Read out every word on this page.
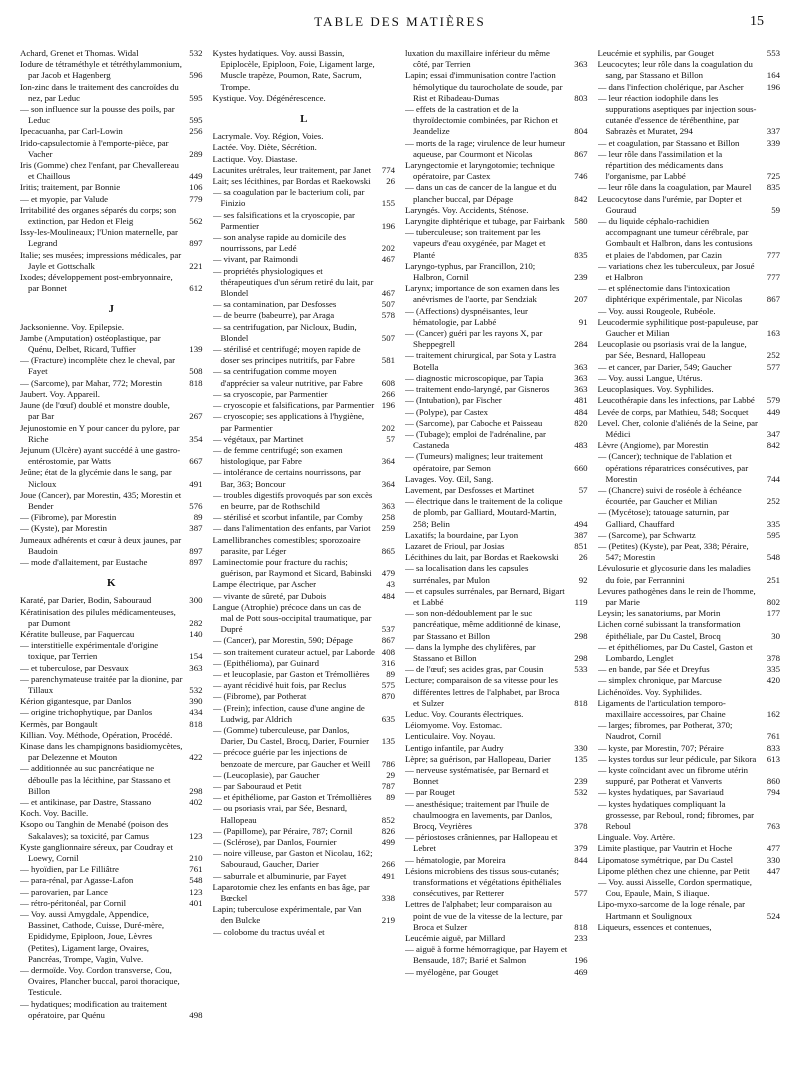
TABLE DES MATIÈRES	15
Achard, Grenet et Thomas. Widal	532
Iodure de tétraméthyle et tétréthylammonium, par Jacob et Hagenberg	596
Ion-zinc dans le traitement des cancroïdes du nez, par Leduc	595
— son influence sur la pousse des poils, par Leduc	595
Ipecacuanha, par Carl-Lowin	256
Irido-capsulectomie à l'emporte-pièce, par Vacher	289
Iris (Gomme) chez l'enfant, par Chevallereau et Chaillous	449
Iritis; traitement, par Bonnie	106
— et myopie, par Valude	779
Irritabilité des organes séparés du corps; son extinction, par Hedon et Fleig	562
Issy-les-Moulineaux; l'Union maternelle, par Legrand	897
Italie; ses musées; impressions médicales, par Jayle et Gottschalk	221
Ixodes; développement post-embryonnaire, par Bonnet	612
J
Jacksonienne. Voy. Epilepsie.
Jambe (Amputation) ostéoplastique, par Quénu, Delbet, Ricard, Tuffier	139
— (Fracture) incomplète chez le cheval, par Fayet	508
— (Sarcome), par Mahar, 772; Morestin	818
Jaubert. Voy. Appareil.
Jaune (de l'œuf) doublé et monstre double, par Bar	267
Jejunostomie en Y pour cancer du pylore, par Riche	354
Jejunum (Ulcère) ayant succédé à une gastro-entérostomie, par Watts	667
Jeûne; état de la glycémie dans le sang, par Nicloux	491
Joue (Cancer), par Morestin, 435; Morestin et Bender	576
— (Fibrome), par Morestin	89
— (Kyste), par Morestin	387
Jumeaux adhérents et cœur à deux jaunes, par Baudoin	897
— mode d'allaitement, par Eustache	897
K
Karaté, par Darier, Bodin, Sabouraud	300
Kératinisation des pilules médicamenteuses, par Dumont	282
Kératite bulleuse, par Faquercau	140
— interstitielle expérimentale d'origine toxique, par Terrien	154
— et tuberculose, par Desvaux	363
— parenchymateuse traitée par la dionine, par Tillaux	532
Kérion gigantesque, par Danlos	390
— origine trichophytique, par Danlos	434
Kermès, par Bongault	818
Killian. Voy. Méthode, Opération, Procédé.
Kinase dans les champignons basidiomycètes, par Delezenne et Mouton	422
— additionnée au suc pancréatique ne déboulle pas la lécithine, par Stassano et Billon	298
— et antikinase, par Dastre, Stassano	402
Koch. Voy. Bacille.
Ksopo ou Tanghin de Menabé (poison des Sakalaves); sa toxicité, par Camus	123
Kyste ganglionnaire séreux, par Coudray et Loewy, Cornil	210
— hyoïdien, par Le Filliâtre	761
— para-rénal, par Agasse-Lafon	548
— parovarien, par Lance	123
— rétro-péritonéal, par Cornil	401
— Voy. aussi Amygdale, Appendice, Bassinet, Cathode, Cuisse, Duré-mère, Epididyme, Epiploon, Joue, Lèvres (Petites), Ligament large, Ovaires, Pancréas, Trompe, Vagin, Vulve.
— dermoïde. Voy. Cordon transverse, Cou, Ovaires, Plancher buccal, paroi thoracique, Testicule.
— hydatiques; modification au traitement opératoire, par Quénu	498
Kystes hydatiques. Voy. aussi Bassin, Epiplocèle, Epiploon, Foie, Ligament large, Muscle trapèze, Poumon, Rate, Sacrum, Trompe.
Kystique. Voy. Dégénérescence.
L
Lacrymale. Voy. Région, Voies.
Lactée. Voy. Diète, Sécrétion.
Lactique. Voy. Diastase.
Lacunites urétrales, leur traitement, par Janet 774
Lait; ses lécithines, par Bordas et Raekowski 26
— sa coagulation par le bacterium coli, par Finizio	155
— ses falsifications et la cryoscopie, par Parmentier	196
— son analyse rapide au domicile des nourrissons, par Ledé	202
— vivant, par Raimondi	467
— propriétés physiologiques et thérapeutiques d'un sérum retiré du lait, par Blondel	467
— sa contamination, par Desfosses	507
— de beurre (babeurre), par Araga	578
— sa centrifugation, par Nicloux, Budin, Blondel	507
— stérilisé et centrifugé; moyen rapide de doser ses principes nutritifs, par Fabre	581
— sa centrifugation comme moyen d'apprécier sa valeur nutritive, par Fabre 608
— sa cryoscopie, par Parmentier	266
— cryoscopie et falsifications, par Parmentier 196
— cryoscopie; ses applications à l'hygiène, par Parmentier	202
— végétaux, par Martinet	57
— de femme centrifugé; son examen histologique, par Fabre	364
— intolérance de certains nourrissons, par Bar, 363; Boncour	364
— troubles digestifs provoqués par son excès en beurre, par de Rothschild	363
— stérilisé et scorbut infantile, par Comby 258
— dans l'alimentation des enfants, par Variot 259
Lamellibranches comestibles; sporozoaire parasite, par Léger	865
Laminectomie pour fracture du rachis; guérison, par Raymond et Sicard, Babinski 479
Lampe électrique, par Ascher	43
— vivante de sûreté, par Dubois	484
Langue (Atrophie) précoce dans un cas de mal de Pott sous-occipital traumatique, par Dupré	537
— (Cancer), par Morestin, 590; Dépage	867
— son traitement curateur actuel, par Laborde 408
— (Epithélioma), par Guinard	316
— et leucoplasie, par Gaston et Trémollières 89
— ayant récidivé huit fois, par Reclus	575
— (Fibrome), par Potherat	870
— (Frein); infection, cause d'une angine de Ludwig, par Aldrich	635
— (Gomme) tuberculeuse, par Danlos, Darier, Du Castel, Brocq, Darier, Fournier 135
— précoce guérie par les injections de benzoate de mercure, par Gaucher et Weill 786
— (Leucoplasie), par Gaucher	29
— par Sabouraud et Petit	787
— et épithéliome, par Gaston et Trémollières 89
— ou psoriasis vrai, par Sée, Besnard, Hallopeau	852
— (Papillome), par Péraire, 787; Cornil	826
— (Sclérose), par Danlos, Fournier	499
— noire villeuse, par Gaston et Nicolau, 162; Sabouraud, Gaucher, Darier	266
— saburrale et albuminurie, par Fayet	491
Laparotomie chez les enfants en bas âge, par Bœckel	338
Lapin; tuberculose expérimentale, par Van den Bulcke	219
— colobome du tractus uvéal et
luxation du maxillaire inférieur du même côté, par Terrien	363
Lapin; essai d'immunisation contre l'action hémolytique du taurocholate de soude, par Rist et Ribadeau-Dumas	803
— effets de la castration et de la thyroïdectomie combinées, par Richon et Jeandelize	804
— morts de la rage; virulence de leur humeur aqueuse, par Courmont et Nicolas	867
Laryngectomie et laryngotomie; technique opératoire, par Castex	746
— dans un cas de cancer de la langue et du plancher buccal, par Dépage	842
Laryngés. Voy. Accidents, Sténose.
Laryngite diphtérique et tubage, par Fairbank 580
— tuberculeuse; son traitement par les vapeurs d'eau oxygénée, par Maget et Planté	835
Laryngo-typhus, par Francillon, 210; Halbron, Cornil	239
Larynx; importance de son examen dans les anévrismes de l'aorte, par Sendziak	207
— (Affections) dyspnéisantes, leur hématologie, par Labbé	91
— (Cancer) guéri par les rayons X, par Sheppegrell	284
— traitement chirurgical, par Sota y Lastra Botella	363
— diagnostic microscopique, par Tapia	363
— traitement endo-laryngé, par Gisneros	363
— (Intubation), par Fischer	481
— (Polype), par Castex	484
— (Sarcome), par Caboche et Paisseau	820
— (Tubage); emploi de l'adrénaline, par Castaneda	483
— (Tumeurs) malignes; leur traitement opératoire, par Semon	660
Lavages. Voy. Œil, Sang.
Lavement, par Desfosses et Martinet	57
— électrique dans le traitement de la colique de plomb, par Galliard, Moutard-Martin, 258; Belin	494
Laxatifs; la bourdaine, par Lyon	387
Lazaret de Frioul, par Josias	851
Lécithines du lait, par Bordas et Raekowski 26
— sa localisation dans les capsules surrénales, par Mulon	92
— et capsules surrénales, par Bernard, Bigart et Labbé	119
— son non-dédoublement par le suc pancréatique, même additionné de kinase, par Stassano et Billon	298
— dans la lymphe des chylifères, par Stassano et Billon	298
— de l'œuf; ses acides gras, par Cousin	533
Lecture; comparaison de sa vitesse pour les différentes lettres de l'alphabet, par Broca et Sulzer	818
Leduc. Voy. Courants électriques.
Léiomyome. Voy. Estomac.
Lenticulaire. Voy. Noyau.
Lentigo infantile, par Audry	330
Lèpre; sa guérison, par Hallopeau, Darier	135
— nerveuse systématisée, par Bernard et Bonnet	239
— par Rouget	532
— anesthésique; traitement par l'huile de chaulmoogra en lavements, par Danlos, Brocq, Veyrières	378
— périostoses crâniennes, par Hallopeau et Lebret	379
— hématologie, par Moreira	844
Lésions microbiens des tissus sous-cutanés; transformations et végétations épithéliales consécutives, par Retterer	577
Lettres de l'alphabet; leur comparaison au point de vue de la vitesse de la lecture, par Broca et Sulzer	818
Leucémie aiguë, par Millard	233
— aiguë à forme hémorragique, par Hayem et Bensaude, 187; Barié et Salmon	196
— myélogène, par Gouget	469
Leucémie et syphilis, par Gouget	553
Leucocytes; leur rôle dans la coagulation du sang, par Stassano et Billon	164
— dans l'infection cholérique, par Ascher	196
— leur réaction iodophile dans les suppurations aseptiques par injection sous-cutanée d'essence de térébenthine, par Sabrazès et Muratet, 294	337
— et coagulation, par Stassano et Billon	339
— leur rôle dans l'assimilation et la répartition des médicaments dans l'organisme, par Labbé	725
— leur rôle dans la coagulation, par Maurel 835
Leucocytose dans l'urémie, par Dopter et Gouraud	59
— du liquide céphalo-rachidien accompagnant une tumeur cérébrale, par Gombault et Halbron, dans les contusions et plaies de l'abdomen, par Cazin	777
— variations chez les tuberculeux, par Josué et Halbron	777
— et splénectomie dans l'intoxication diphtérique expérimentale, par Nicolas	867
— Voy. aussi Rougeole, Rubéole.
Leucodermie syphilitique post-papuleuse, par Gaucher et Milian	163
Leucoplasie ou psoriasis vrai de la langue, par Sée, Besnard, Hallopeau	252
— et cancer, par Darier, 549; Gaucher	577
— Voy. aussi Langue, Utérus.
Leucoplasiques. Voy. Syphilides.
Leucothérapie dans les infections, par Labbé 579
Levée de corps, par Mathieu, 548; Socquet 449
Level. Cher, colonie d'aliénés de la Seine, par Médici	347
Lèvre (Angiome), par Morestin	842
— (Cancer); technique de l'ablation et opérations réparatrices consécutives, par Morestin	744
— (Chancre) suivi de roséole à échéance écourtée, par Gaucher et Milian	252
— (Mycétose); tatouage saturnin, par Galliard, Chauffard	335
— (Sarcome), par Schwartz	595
— (Petites) (Kyste), par Peat, 338; Péraire, 547; Morestin	548
Lévulosurie et glycosurie dans les maladies du foie, par Ferrannini	251
Levures pathogènes dans le rein de l'homme, par Marie	802
Leysin; les sanatoriums, par Morin	177
Lichen corné subissant la transformation épithéliale, par Du Castel, Brocq	30
— et épithéliomes, par Du Castel, Gaston et Lombardo, Lenglet	378
— en bande, par Sée et Dreyfus	335
— simplex chronique, par Marcuse	420
Lichénoïdes. Voy. Syphilides.
Ligaments de l'articulation temporo-maxillaire accessoires, par Chaine	162
— larges; fibromes, par Potherat, 370; Naudrot, Cornil	761
— kyste, par Morestin, 707; Péraire	833
— kystes tordus sur leur pédicule, par Sikora 613
— kyste coïncidant avec un fibrome utérin suppuré, par Potherat et Vanverts	860
— kystes hydatiques, par Savariaud	794
— kystes hydatiques compliquant la grossesse, par Reboul, rond; fibromes, par Reboul	763
Linguale. Voy. Artère.
Limite plastique, par Vautrin et Hoche	477
Lipomatose symétrique, par Du Castel	330
Lipome pléthen chez une chienne, par Petit 447
— Voy. aussi Aisselle, Cordon spermatique, Cou, Epaule, Main, S iliaque.
Lipo-myxo-sarcome de la loge rénale, par Hartmann et Soulignoux	524
Liqueurs, essences et contenues,
